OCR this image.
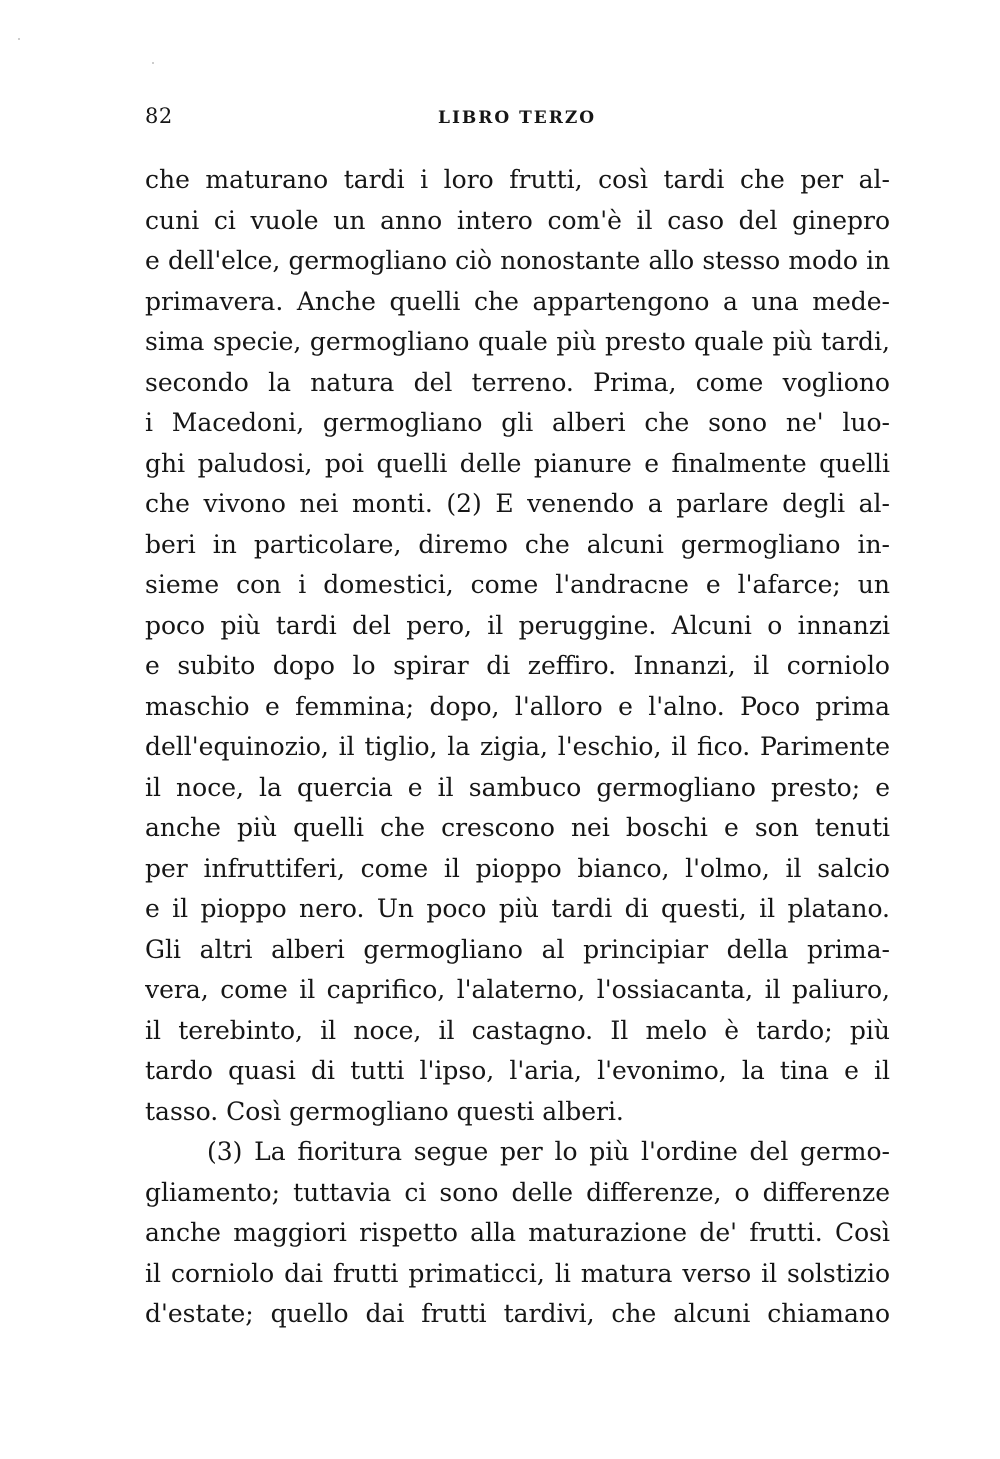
82	LIBRO TERZO
che maturano tardi i loro frutti, così tardi che per al-
cuni ci vuole un anno intero com'è il caso del ginepro
e dell'elce, germogliano ciò nonostante allo stesso modo in
primavera. Anche quelli che appartengono a una mede-
sima specie, germogliano quale più presto quale più tardi,
secondo la natura del terreno. Prima, come vogliono
i Macedoni, germogliano gli alberi che sono ne' luo-
ghi paludosi, poi quelli delle pianure e finalmente quelli
che vivono nei monti. (2) E venendo a parlare degli al-
beri in particolare, diremo che alcuni germogliano in-
sieme con i domestici, come l'andracne e l'afarce; un
poco più tardi del pero, il peruggine. Alcuni o innanzi
e subito dopo lo spirar di zeffiro. Innanzi, il corniolo
maschio e femmina; dopo, l'alloro e l'alno. Poco prima
dell'equinozio, il tiglio, la zigia, l'eschio, il fico. Parimente
il noce, la quercia e il sambuco germogliano presto; e
anche più quelli che crescono nei boschi e son tenuti
per infruttiferi, come il pioppo bianco, l'olmo, il salcio
e il pioppo nero. Un poco più tardi di questi, il platano.
Gli altri alberi germogliano al principiar della prima-
vera, come il caprifico, l'alaterno, l'ossiacanta, il paliuro,
il terebinto, il noce, il castagno. Il melo è tardo; più
tardo quasi di tutti l'ipso, l'aria, l'evonimo, la tina e il
tasso. Così germogliano questi alberi.
(3) La fioritura segue per lo più l'ordine del germo-
gliamento; tuttavia ci sono delle differenze, o differenze
anche maggiori rispetto alla maturazione de' frutti. Così
il corniolo dai frutti primaticci, li matura verso il solstizio
d'estate; quello dai frutti tardivi, che alcuni chiamano
